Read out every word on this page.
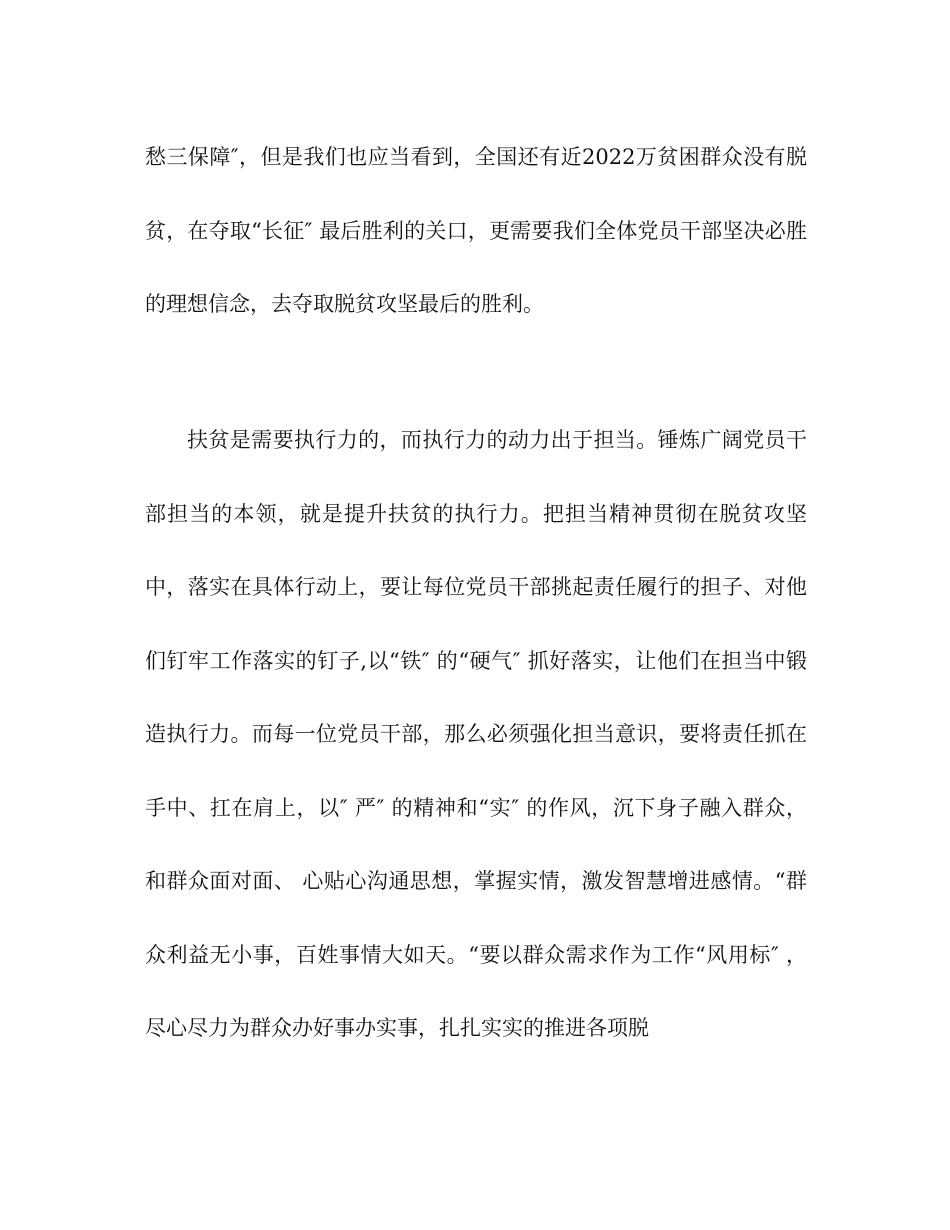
愁三保障″，但是我们也应当看到，全国还有近2022万贫困群众没有脱贫，在夺取“长征″ 最后胜利的关口，更需要我们全体党员干部坚决必胜的理想信念，去夺取脱贫攻坚最后的胜利。

扶贫是需要执行力的，而执行力的动力出于担当。锤炼广阔党员干部担当的本领，就是提升扶贫的执行力。把担当精神贯彻在脱贫攻坚中，落实在具体行动上，要让每位党员干部挑起责任履行的担子、对他们钉牢工作落实的钉子,以“铁″ 的“硬气″ 抓好落实，让他们在担当中锻造执行力。而每一位党员干部，那么必须强化担当意识，要将责任抓在手中、扛在肩上，以″ 严″ 的精神和“实″ 的作风，沉下身子融入群众，和群众面对面、 心贴心沟通思想，掌握实情，激发智慧增进感情。“群众利益无小事，百姓事情大如天。“要以群众需求作为工作“风用标″ ，尽心尽力为群众办好事办实事，扎扎实实的推进各项脱
